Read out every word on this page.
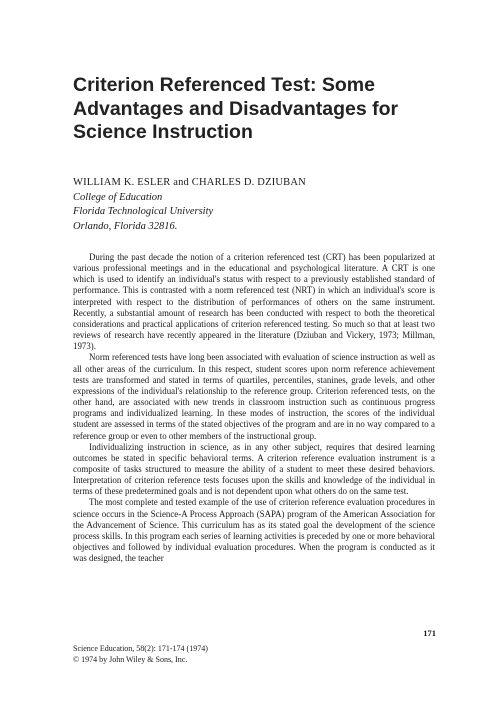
Criterion Referenced Test: Some
Advantages and Disadvantages for
Science Instruction
WILLIAM K. ESLER and CHARLES D. DZIUBAN
College of Education
Florida Technological University
Orlando, Florida 32816.

During the past decade the notion of a criterion referenced test (CRT) has been popularized at various professional meetings and in the educational and psychological literature. A CRT is one which is used to identify an individual's status with respect to a previously established standard of performance. This is contrasted with a norm referenced test (NRT) in which an individual's score is interpreted with respect to the distribution of performances of others on the same instrument. Recently, a substantial amount of research has been conducted with respect to both the theoretical considerations and practical applications of criterion referenced testing. So much so that at least two reviews of research have recently appeared in the literature (Dziuban and Vickery, 1973; Millman, 1973).

Norm referenced tests have long been associated with evaluation of science instruction as well as all other areas of the curriculum. In this respect, student scores upon norm reference achievement tests are transformed and stated in terms of quartiles, percentiles, stanines, grade levels, and other expressions of the individual's relationship to the reference group. Criterion referenced tests, on the other hand, are associated with new trends in classroom instruction such as continuous progress programs and individualized learning. In these modes of instruction, the scores of the individual student are assessed in terms of the stated objectives of the program and are in no way compared to a reference group or even to other members of the instructional group.

Individualizing instruction in science, as in any other subject, requires that desired learning outcomes be stated in specific behavioral terms. A criterion reference evaluation instrument is a composite of tasks structured to measure the ability of a student to meet these desired behaviors. Interpretation of criterion reference tests focuses upon the skills and knowledge of the individual in terms of these predetermined goals and is not dependent upon what others do on the same test.

The most complete and tested example of the use of criterion reference evaluation procedures in science occurs in the Science-A Process Approach (SAPA) program of the American Association for the Advancement of Science. This curriculum has as its stated goal the development of the science process skills. In this program each series of learning activities is preceded by one or more behavioral objectives and followed by individual evaluation procedures. When the program is conducted as it was designed, the teacher

171
Science Education, 58(2): 171-174 (1974)
© 1974 by John Wiley & Sons, Inc.
